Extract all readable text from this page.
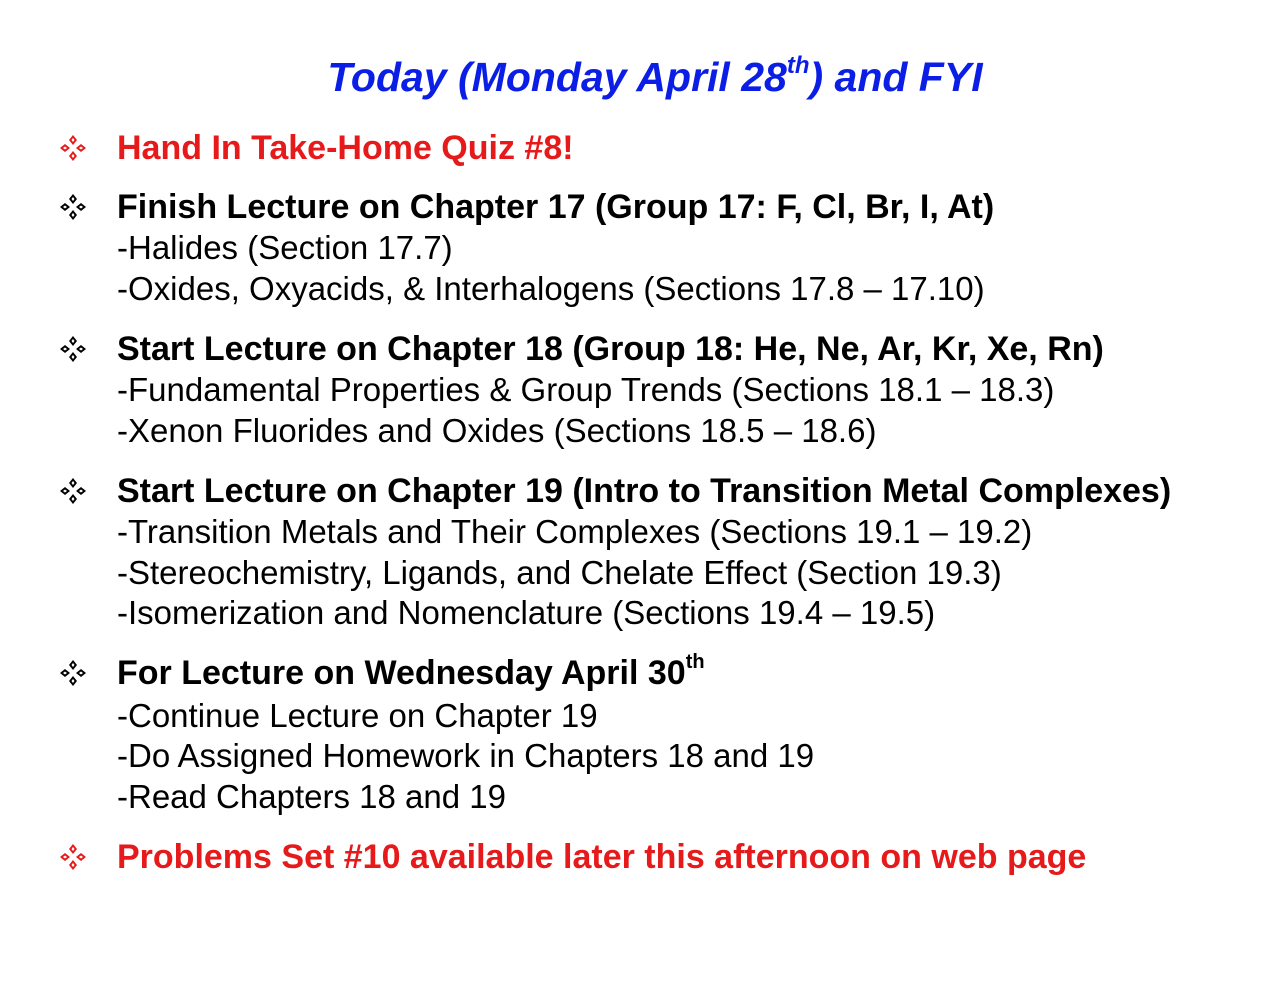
Today (Monday April 28th) and FYI
Hand In Take-Home Quiz #8!
Finish Lecture on Chapter 17 (Group 17: F, Cl, Br, I, At)
-Halides (Section 17.7)
-Oxides, Oxyacids, & Interhalogens (Sections 17.8 – 17.10)
Start Lecture on Chapter 18 (Group 18: He, Ne, Ar, Kr, Xe, Rn)
-Fundamental Properties & Group Trends (Sections 18.1 – 18.3)
-Xenon Fluorides and Oxides (Sections 18.5 – 18.6)
Start Lecture on Chapter 19 (Intro to Transition Metal Complexes)
-Transition Metals and Their Complexes (Sections 19.1 – 19.2)
-Stereochemistry, Ligands, and Chelate Effect (Section 19.3)
-Isomerization and Nomenclature (Sections 19.4 – 19.5)
For Lecture on Wednesday April 30th
-Continue Lecture on Chapter 19
-Do Assigned Homework in Chapters 18 and 19
-Read Chapters 18 and 19
Problems Set #10 available later this afternoon on web page
